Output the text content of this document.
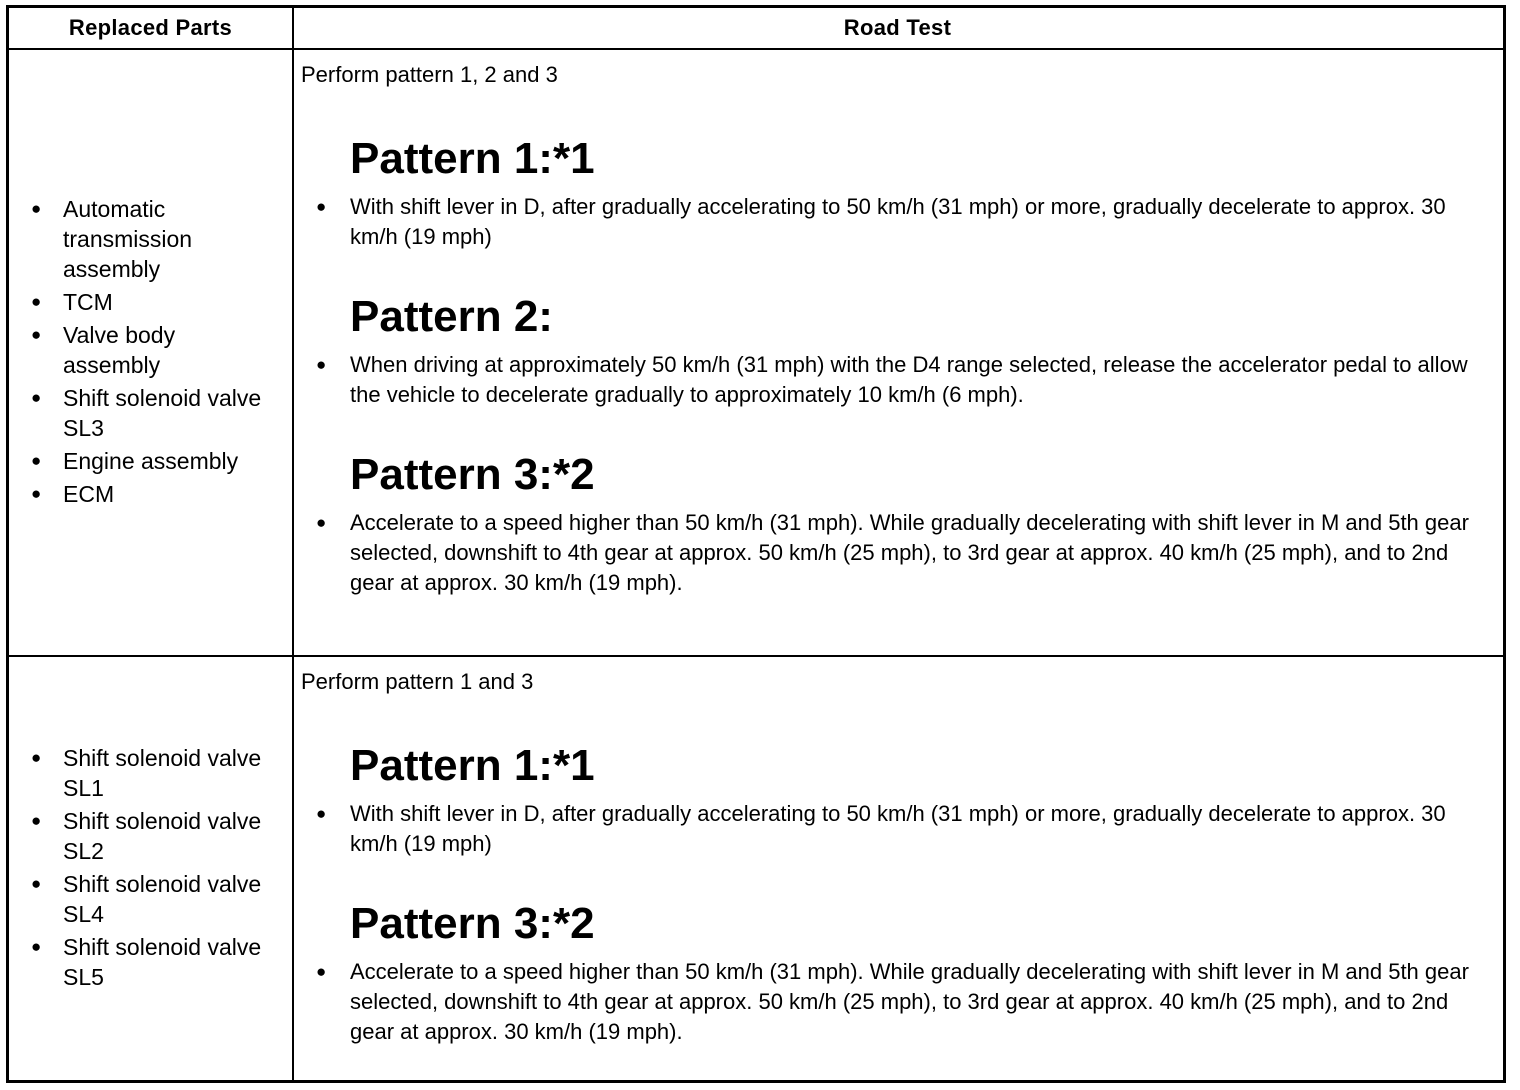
Replaced Parts	Road Test
● Automatic transmission assembly
● TCM
● Valve body assembly
● Shift solenoid valve SL3
● Engine assembly
● ECM
Perform pattern 1, 2 and 3
Pattern 1:*1
● With shift lever in D, after gradually accelerating to 50 km/h (31 mph) or more, gradually decelerate to approx. 30 km/h (19 mph)
Pattern 2:
● When driving at approximately 50 km/h (31 mph) with the D4 range selected, release the accelerator pedal to allow the vehicle to decelerate gradually to approximately 10 km/h (6 mph).
Pattern 3:*2
● Accelerate to a speed higher than 50 km/h (31 mph). While gradually decelerating with shift lever in M and 5th gear selected, downshift to 4th gear at approx. 50 km/h (25 mph), to 3rd gear at approx. 40 km/h (25 mph), and to 2nd gear at approx. 30 km/h (19 mph).
● Shift solenoid valve SL1
● Shift solenoid valve SL2
● Shift solenoid valve SL4
● Shift solenoid valve SL5
Perform pattern 1 and 3
Pattern 1:*1
● With shift lever in D, after gradually accelerating to 50 km/h (31 mph) or more, gradually decelerate to approx. 30 km/h (19 mph)
Pattern 3:*2
● Accelerate to a speed higher than 50 km/h (31 mph). While gradually decelerating with shift lever in M and 5th gear selected, downshift to 4th gear at approx. 50 km/h (25 mph), to 3rd gear at approx. 40 km/h (25 mph), and to 2nd gear at approx. 30 km/h (19 mph).
